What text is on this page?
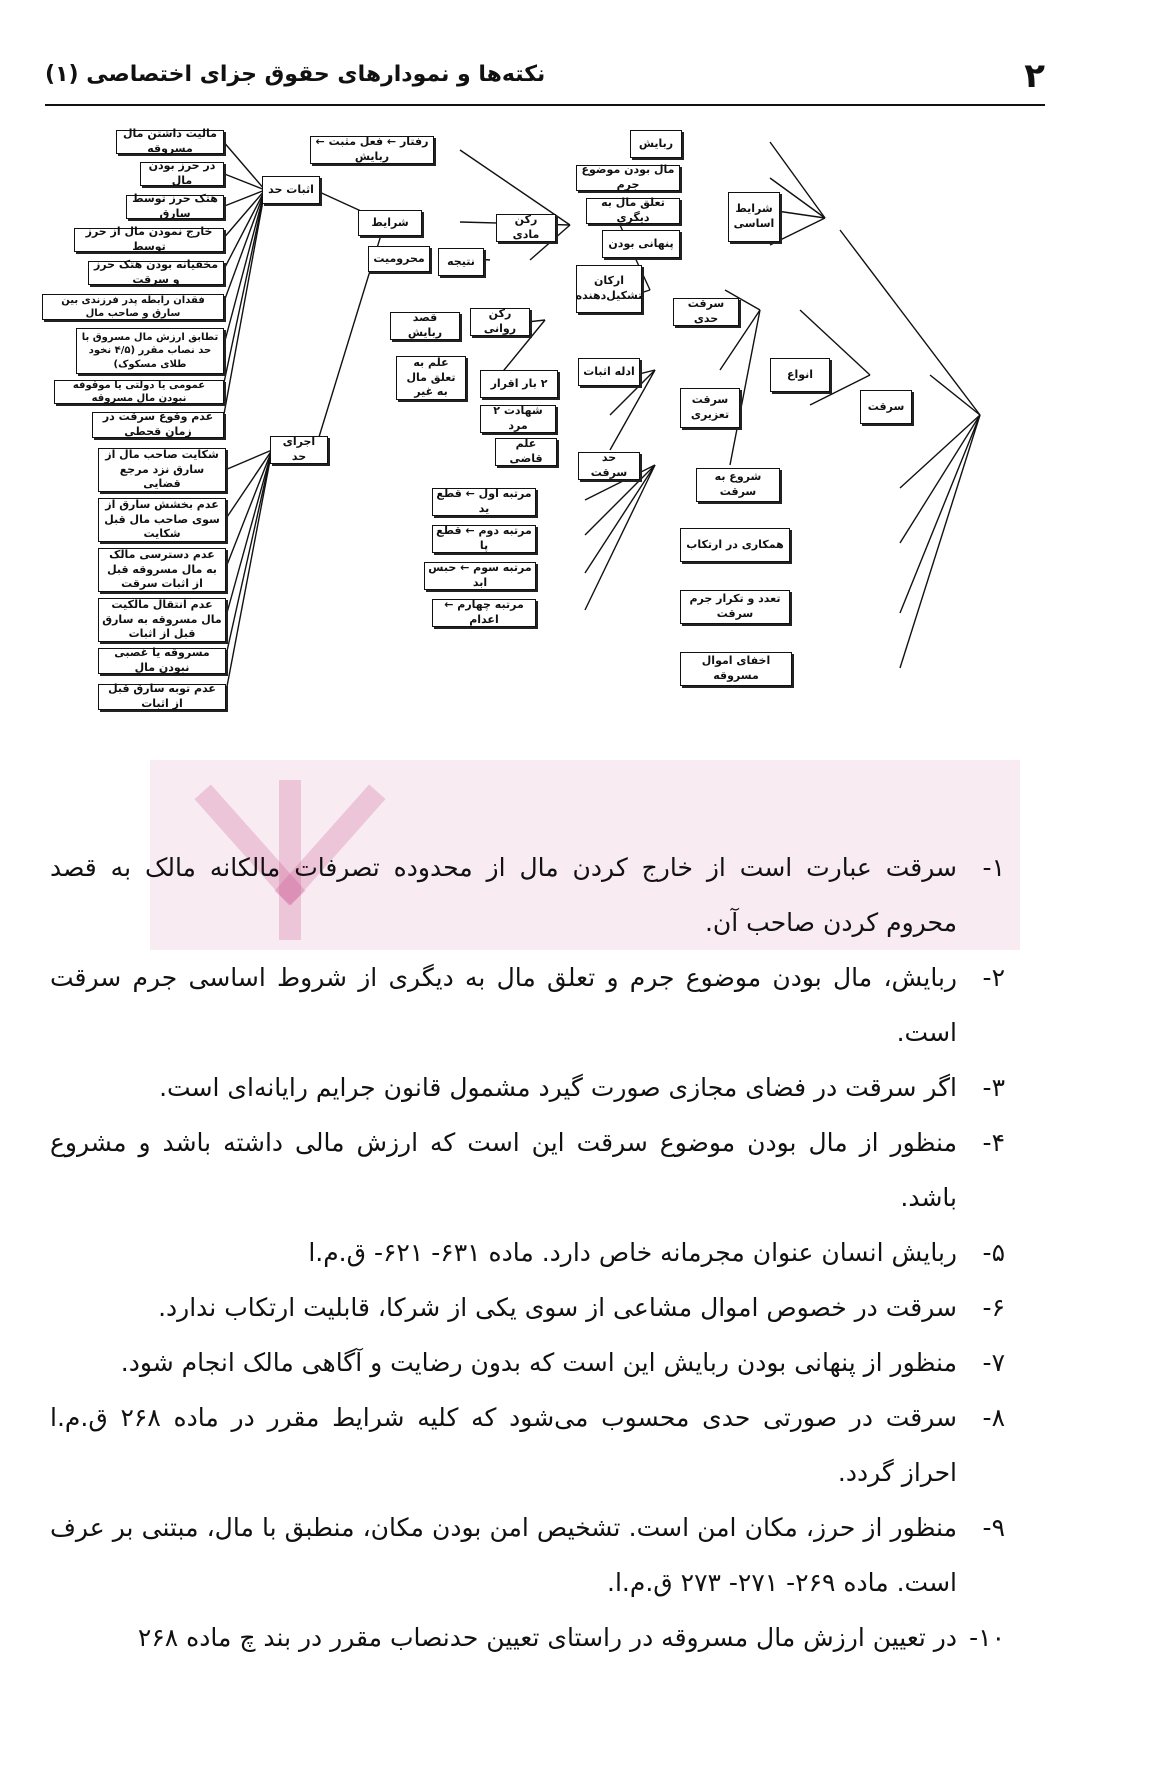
۲
نکته‌ها و نمودارهای حقوق جزای اختصاصی (۱)
سرقت
انواع
شرایط اساسی
ربایش
مال بودن موضوع جرم
تعلق مال به دیگری
پنهانی بودن
سرقت حدی
سرقت تعزیری
شروع به سرقت
همکاری در ارتکاب
تعدد و تکرار جرم سرقت
اخفای اموال مسروقه
ارکان تشکیل‌دهنده
ادله اثبات
حد سرقت
۲ بار اقرار
شهادت ۲ مرد
علم قاضی
مرتبه اول ← قطع ید
مرتبه دوم ← قطع پا
مرتبه سوم ← حبس ابد
مرتبه چهارم ← اعدام
رکن مادی
رکن روانی
رفتار ← فعل مثبت ← ربایش
شرایط
نتیجه
محرومیت
قصد ربایش
علم به تعلق مال به غیر
اثبات حد
اجرای حد
مالیت داشتن مال مسروقه
در حرز بودن مال
هتک حرز توسط سارق
خارج نمودن مال از حرز توسط
مخفیانه بودن هتک حرز و سرقت
فقدان رابطه پدر فرزندی بین سارق و صاحب مال
تطابق ارزش مال مسروق با حد نصاب مقرر (۴/۵ نخود طلای مسکوک)
عمومی یا دولتی یا موقوفه نبودن مال مسروقه
عدم وقوع سرقت در زمان قحطی
شکایت صاحب مال از سارق نزد مرجع قضایی
عدم بخشش سارق از سوی صاحب مال قبل شکایت
عدم دسترسی مالک به مال مسروقه قبل از اثبات سرقت
عدم انتقال مالکیت مال مسروقه به سارق قبل از اثبات
مسروقه یا غصبی نبودن مال
عدم توبه سارق قبل از اثبات
۱-
سرقت عبارت است از خارج کردن مال از محدوده تصرفات مالکانه مالک به قصد محروم کردن صاحب آن.
۲-
ربایش، مال بودن موضوع جرم و تعلق مال به دیگری از شروط اساسی جرم سرقت است.
۳-
اگر سرقت در فضای مجازی صورت گیرد مشمول قانون جرایم رایانه‌ای است.
۴-
منظور از مال بودن موضوع سرقت این است که ارزش مالی داشته باشد و مشروع باشد.
۵-
ربایش انسان عنوان مجرمانه خاص دارد. ماده ۶۳۱- ۶۲۱- ق.م.ا
۶-
سرقت در خصوص اموال مشاعی از سوی یکی از شرکا، قابلیت ارتکاب ندارد.
۷-
منظور از پنهانی بودن ربایش این است که بدون رضایت و آگاهی مالک انجام شود.
۸-
سرقت در صورتی حدی محسوب می‌شود که کلیه شرایط مقرر در ماده ۲۶۸ ق.م.ا احراز گردد.
۹-
منظور از حرز، مکان امن است. تشخیص امن بودن مکان، منطبق با مال، مبتنی بر عرف است. ماده ۲۶۹- ۲۷۱- ۲۷۳ ق.م.ا.
۱۰-
در تعیین ارزش مال مسروقه در راستای تعیین حدنصاب مقرر در بند چ ماده ۲۶۸
